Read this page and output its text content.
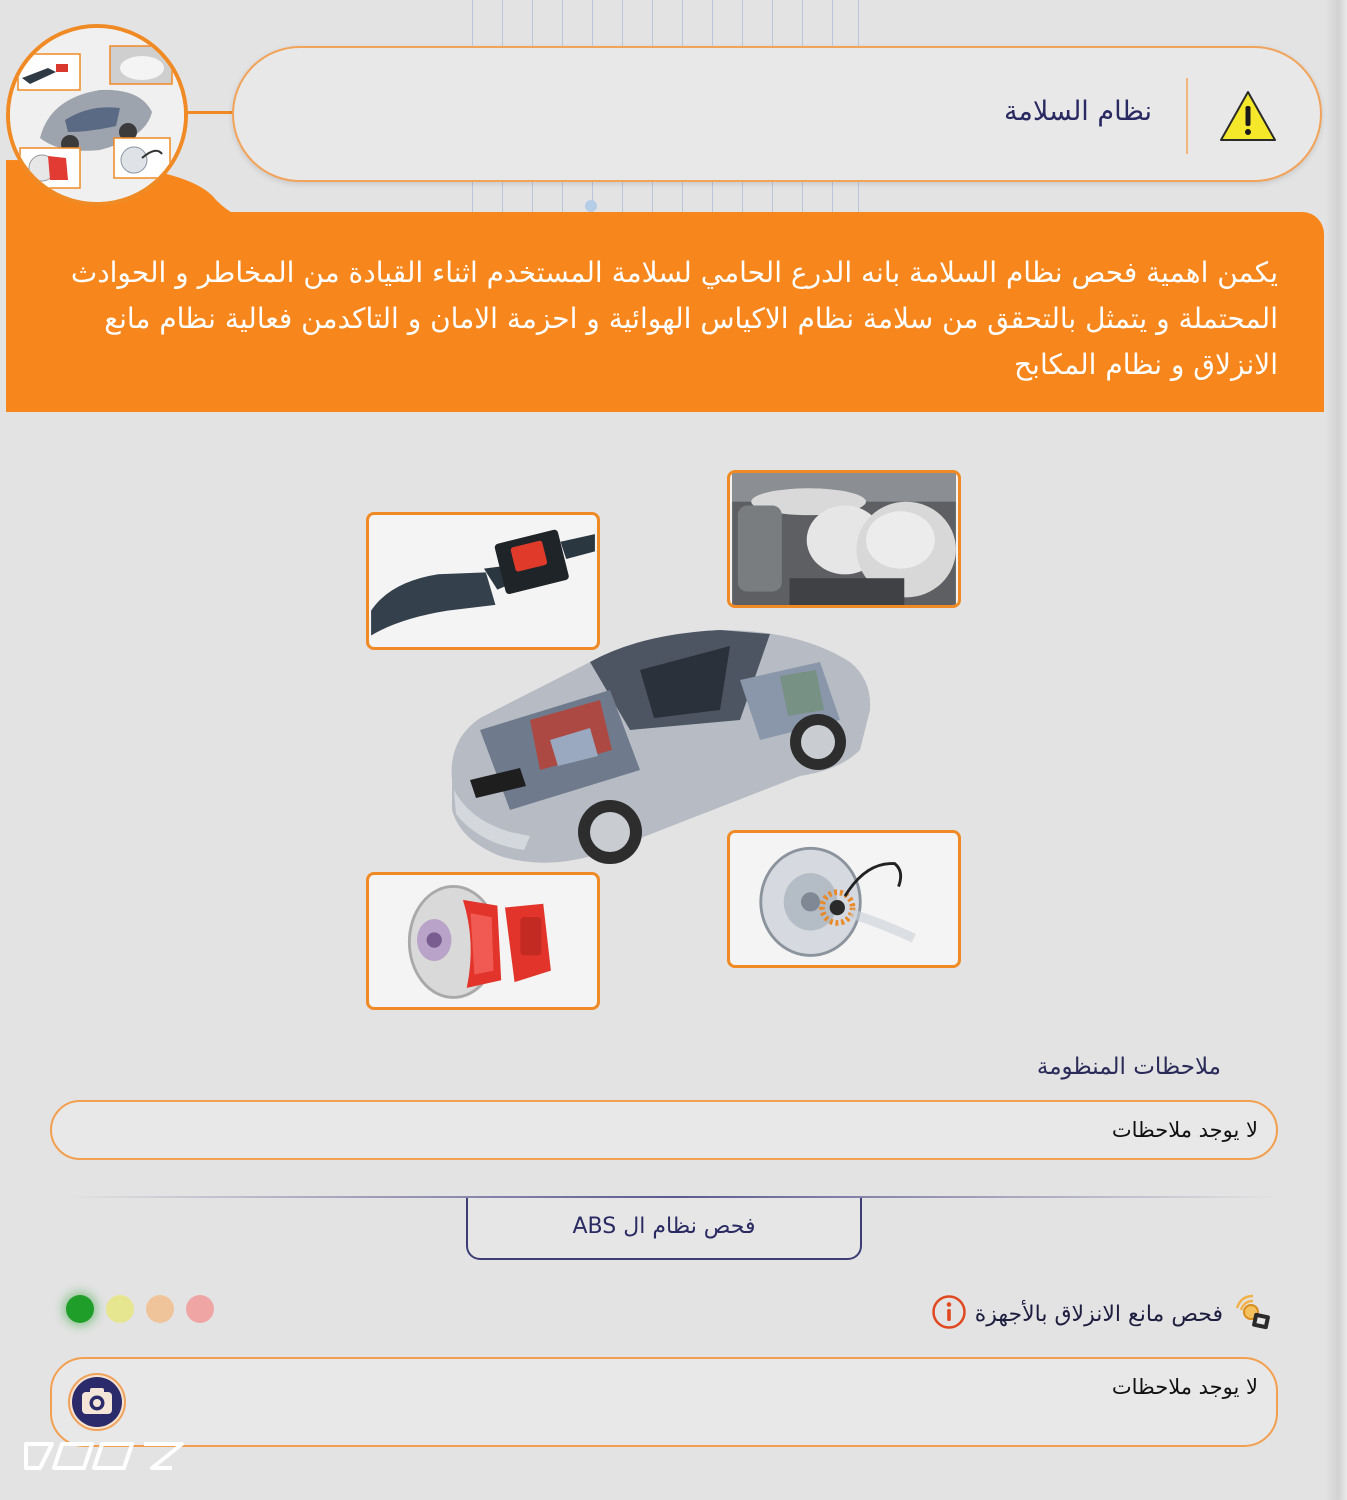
نظام السلامة

يكمن اهمية فحص نظام السلامة بانه الدرع الحامي لسلامة المستخدم اثناء القيادة من المخاطر و الحوادث المحتملة و يتمثل بالتحقق من سلامة نظام الاكياس الهوائية و احزمة الامان و التاكدمن فعالية نظام مانع الانزلاق و نظام المكابح

ملاحظات المنظومة
لا يوجد ملاحظات
فحص نظام ال ABS
فحص مانع الانزلاق بالأجهزة
لا يوجد ملاحظات
